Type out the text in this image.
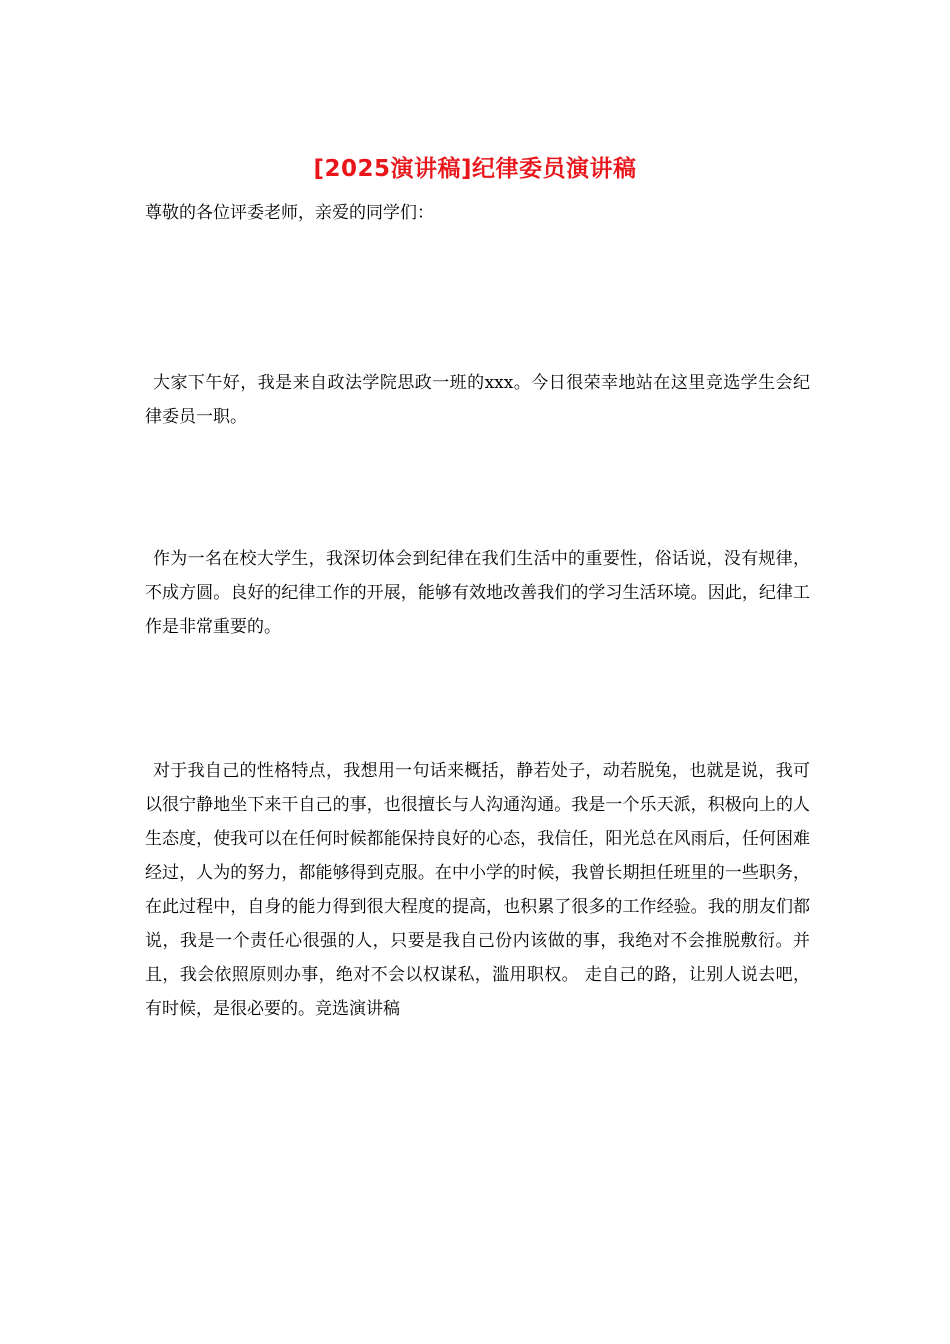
[2025演讲稿]纪律委员演讲稿

尊敬的各位评委老师，亲爱的同学们：

大家下午好，我是来自政法学院思政一班的xxx。今日很荣幸地站在这里竞选学生会纪律委员一职。

作为一名在校大学生，我深切体会到纪律在我们生活中的重要性，俗话说，没有规律，不成方圆。良好的纪律工作的开展，能够有效地改善我们的学习生活环境。因此，纪律工作是非常重要的。

对于我自己的性格特点，我想用一句话来概括，静若处子，动若脱兔，也就是说，我可以很宁静地坐下来干自己的事，也很擅长与人沟通沟通。我是一个乐天派，积极向上的人生态度，使我可以在任何时候都能保持良好的心态，我信任，阳光总在风雨后，任何困难经过，人为的努力，都能够得到克服。在中小学的时候，我曾长期担任班里的一些职务，在此过程中，自身的能力得到很大程度的提高，也积累了很多的工作经验。我的朋友们都说，我是一个责任心很强的人，只要是我自己份内该做的事，我绝对不会推脱敷衍。并且，我会依照原则办事，绝对不会以权谋私，滥用职权。 走自己的路，让别人说去吧， 有时候，是很必要的。竞选演讲稿
